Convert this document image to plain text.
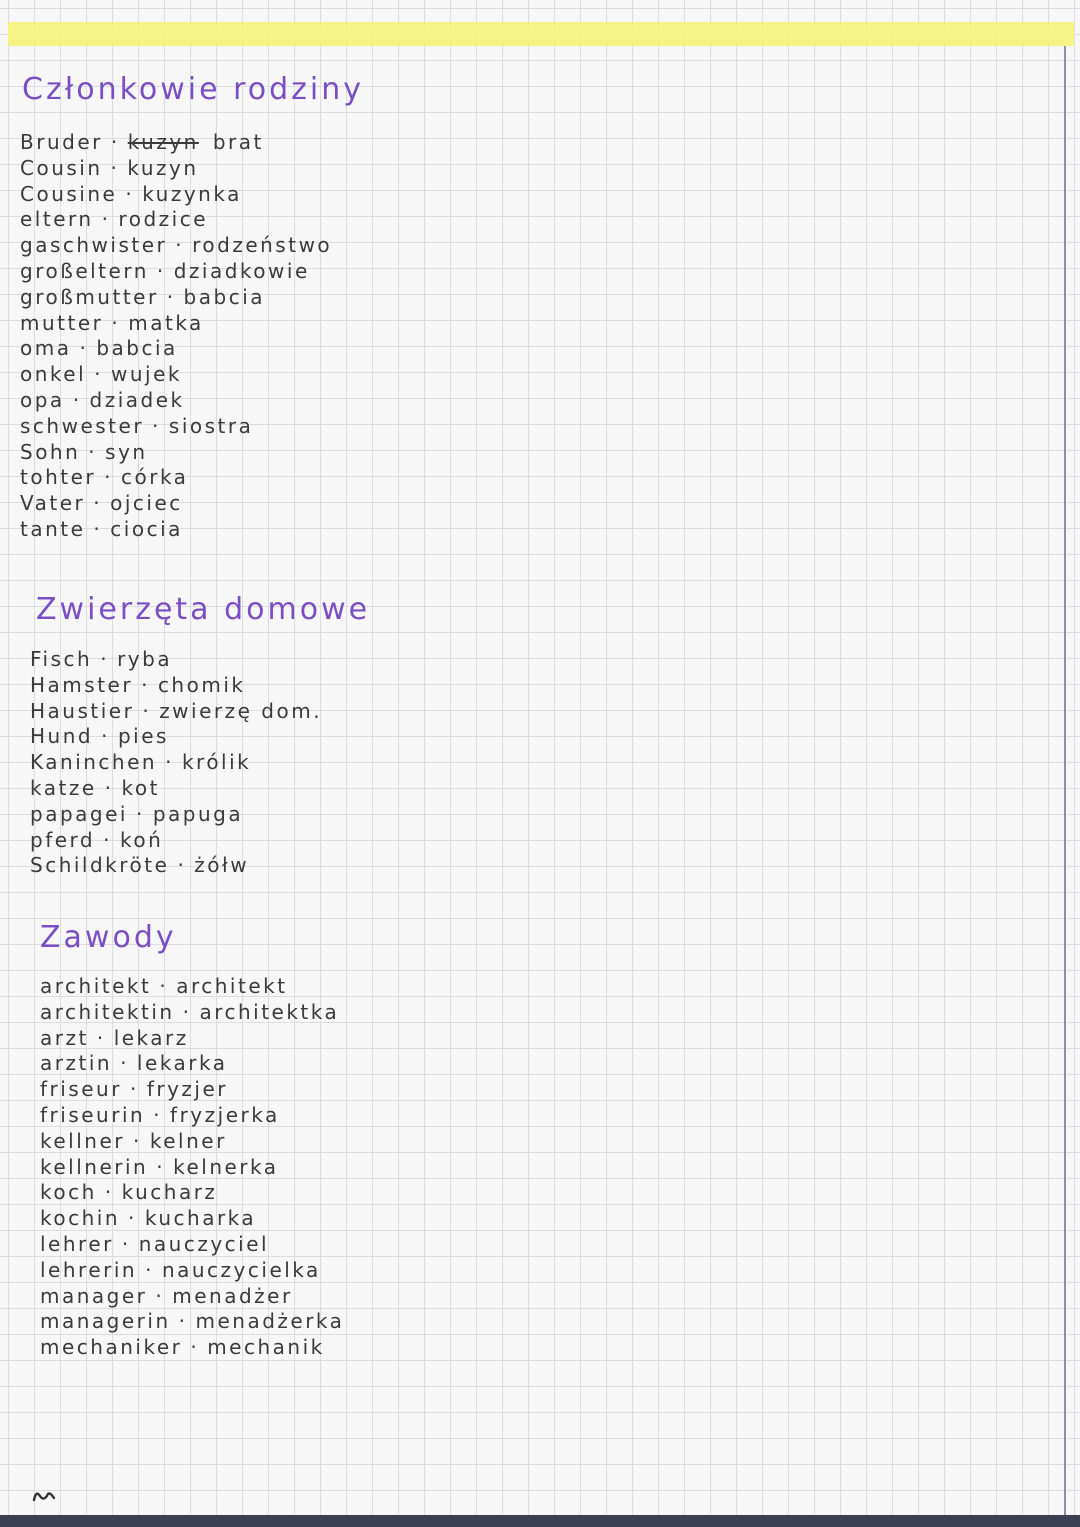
Członkowie rodziny
Bruder · kuzyn brat
Cousin · kuzyn
Cousine · kuzynka
eltern · rodzice
gaschwister · rodzeństwo
großeltern · dziadkowie
großmutter · babcia
mutter · matka
oma · babcia
onkel · wujek
opa · dziadek
schwester · siostra
Sohn · syn
tohter · córka
Vater · ojciec
tante · ciocia
Zwierzęta domowe
Fisch · ryba
Hamster · chomik
Haustier · zwierzę dom.
Hund · pies
Kaninchen · królik
katze · kot
papagei · papuga
pferd · koń
Schildkröte · żółw
Zawody
architekt · architekt
architektin · architektka
arzt · lekarz
arztin · lekarka
friseur · fryzjer
friseurin · fryzjerka
kellner · kelner
kellnerin · kelnerka
koch · kucharz
kochin · kucharka
lehrer · nauczyciel
lehrerin · nauczycielka
manager · menadżer
managerin · menadżerka
mechaniker · mechanik
